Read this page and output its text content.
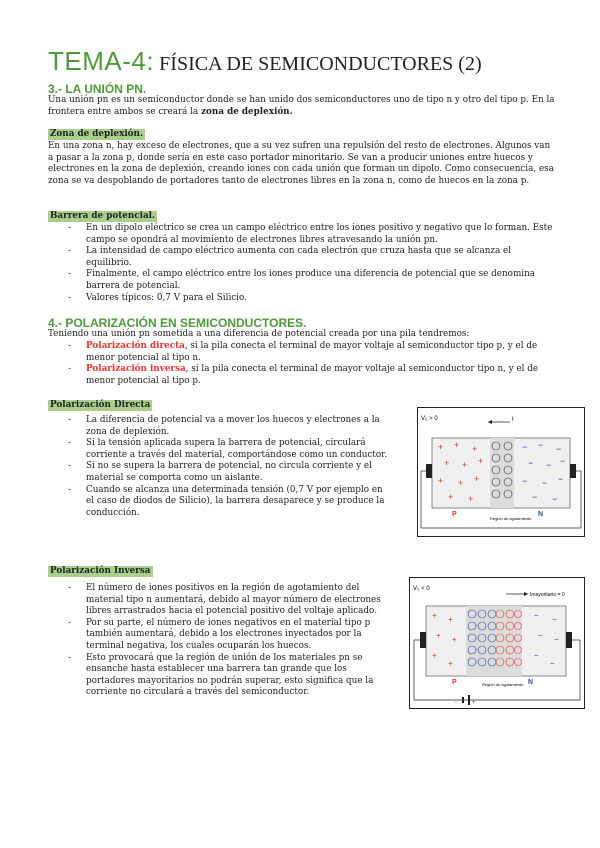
TEMA-4: FÍSICA DE SEMICONDUCTORES (2)
3.- LA UNIÓN PN.

Una unión pn es un semiconductor donde se han unido dos semiconductores uno de tipo n y otro del tipo p. En la frontera entre ambos se creará la zona de deplexión.

Zona de deplexión.

En una zona n, hay exceso de electrones, que a su vez sufren una repulsión del resto de electrones. Algunos van a pasar a la zona p, donde sería en este caso portador minoritario. Se van a producir uniones entre huecos y electrones en la zona de deplexión, creando iones con cada unión que forman un dipolo. Como consecuencia, esa zona se va despoblando de portadores tanto de electrones libres en la zona n, como de huecos en la zona p.

Barrera de potencial.
- En un dipolo eléctrico se crea un campo eléctrico entre los iones positivo y negativo que lo forman. Este campo se opondrá al movimiento de electrones libres atravesando la unión pn.
- La intensidad de campo eléctrico aumenta con cada electrón que cruza hasta que se alcanza el equilibrio.
- Finalmente, el campo eléctrico entre los iones produce una diferencia de potencial que se denomina barrera de potencial.
- Valores típicos: 0,7 V para el Silicio.
4.- POLARIZACIÓN EN SEMICONDUCTORES.

Teniendo una unión pn sometida a una diferencia de potencial creada por una pila tendremos:

- Polarización directa, si la pila conecta el terminal de mayor voltaje al semiconductor tipo p, y el de menor potencial al tipo n.
- Polarización inversa, si la pila conecta el terminal de mayor voltaje al semiconductor tipo n, y el de menor potencial al tipo p.
Polarización Directa
- La diferencia de potencial va a mover los huecos y electrones a la zona de deplexión.
- Si la tensión aplicada supera la barrera de potencial, circulará corriente a través del material, comportándose como un conductor.
- Si no se supera la barrera de potencial, no circula corriente y el material se comporta como un aislante.
- Cuando se alcanza una determinada tensión (0,7 V por ejemplo en el caso de diodos de Silicio), la barrera desaparece y se produce la conducción.
V₀ > 0	I
+ + +
+ + +
+ + +
+ +
− − −
− − −
− − −
− −
P	N
Región de agotamiento
Polarización Inversa
- El número de iones positivos en la región de agotamiento del material tipo n aumentará, debido al mayor número de electrones libres arrastrados hacia el potencial positivo del voltaje aplicado.
- Por su parte, el número de iones negativos en el material tipo p también aumentará, debido a los electrones inyectados por la terminal negativa, los cuales ocuparán los huecos.
- Esto provocará que la región de unión de los materiales pn se ensanche hasta establecer una barrera tan grande que los portadores mayoritarios no podrán superar, esto significa que la corriente no circulará a través del semiconductor.
V₀ < 0
Imayoritario = 0
+ +
+ +
+
+
− −
− −
−
−
P	N
Región de agotamiento
− +
